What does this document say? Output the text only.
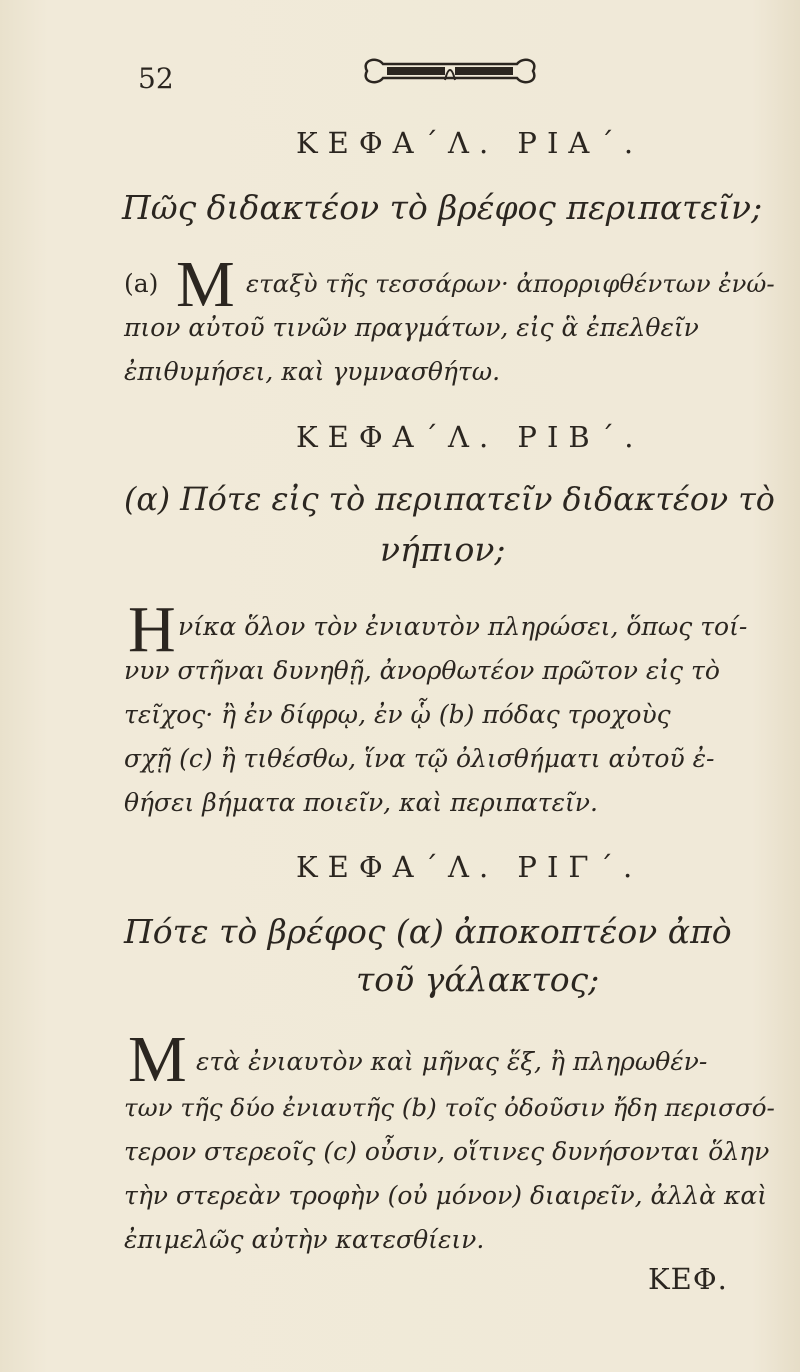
52
ΚΕΦΑ΄Λ. ΡΙΑ΄.
Πῶς διδακτέον τὸ βρέφος περιπατεῖν;
(a) Μ εταξὺ τῆς τεσσάρων· ἀπορριφθέντων ἐνώ-
πιον αὐτοῦ τινῶν πραγμάτων, εἰς ἃ ἐπελθεῖν
ἐπιθυμήσει, καὶ γυμνασθήτω.
ΚΕΦΑ΄Λ. ΡΙΒ΄.
(α) Πότε εἰς τὸ περιπατεῖν διδακτέον τὸ
νήπιον;
Η νίκα ὅλον τὸν ἐνιαυτὸν πληρώσει, ὅπως τοί-
νυν στῆναι δυνηθῇ, ἀνορθωτέον πρῶτον εἰς τὸ
τεῖχος· ἢ ἐν δίφρῳ, ἐν ᾧ (b) πόδας τροχοὺς
σχῇ (c) ἢ τιθέσθω, ἵνα τῷ ὀλισθήματι αὐτοῦ ἐ-
θήσει βήματα ποιεῖν, καὶ περιπατεῖν.
ΚΕΦΑ΄Λ. ΡΙΓ΄.
Πότε τὸ βρέφος (α) ἀποκοπτέον ἀπὸ
τοῦ γάλακτος;
Μ ετὰ ἐνιαυτὸν καὶ μῆνας ἕξ, ἢ πληρωθέν-
των τῆς δύο ἐνιαυτῆς (b) τοῖς ὀδοῦσιν ἤδη περισσό-
τερον στερεοῖς (c) οὖσιν, οἵτινες δυνήσονται ὅλην
τὴν στερεὰν τροφὴν (οὐ μόνον) διαιρεῖν, ἀλλὰ καὶ
ἐπιμελῶς αὐτὴν κατεσθίειν.
ΚΕΦ.
